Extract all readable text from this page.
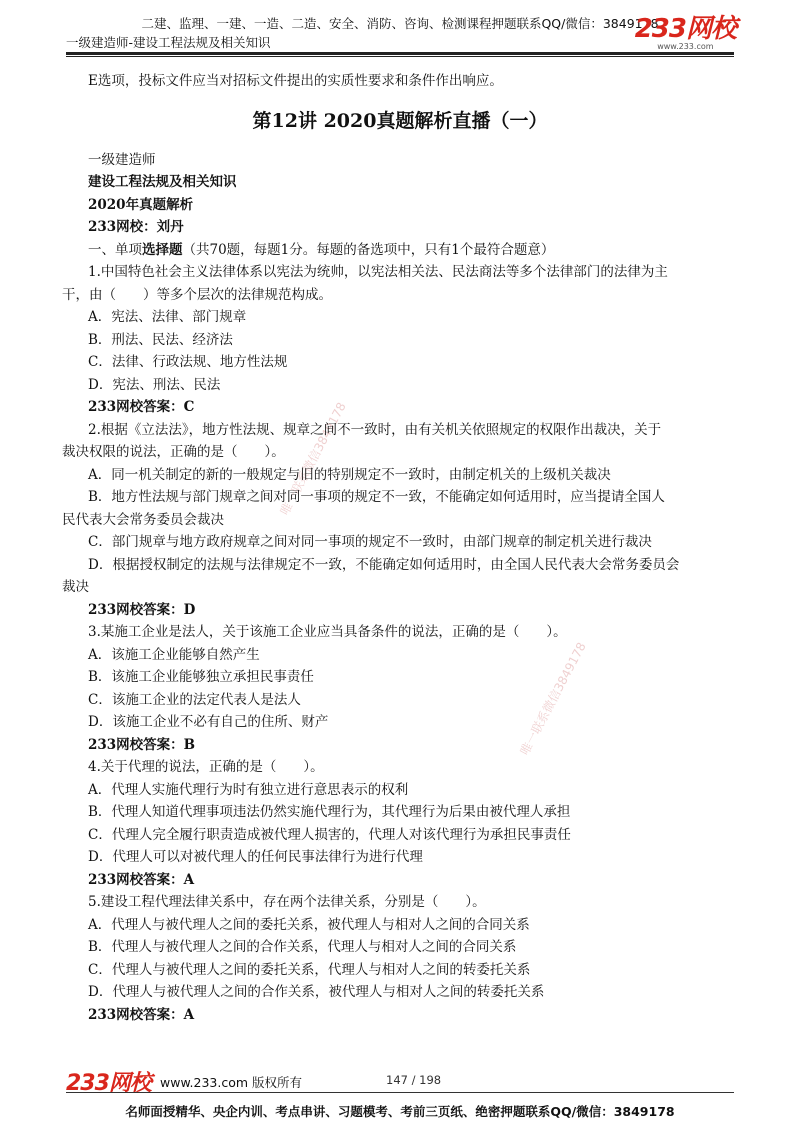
二建、监理、一建、一造、二造、安全、消防、咨询、检测课程押题联系QQ/微信：3849178
一级建造师-建设工程法规及相关知识	233网校
www.233.com
唯一联系微信3849178
唯一联系微信3849178
E选项，投标文件应当对招标文件提出的实质性要求和条件作出响应。
第12讲 2020真题解析直播（一）
一级建造师
建设工程法规及相关知识
2020年真题解析
233网校：刘丹
一、单项选择题（共70题，每题1分。每题的备选项中，只有1个最符合题意）
1.中国特色社会主义法律体系以宪法为统帅，以宪法相关法、民法商法等多个法律部门的法律为主
干，由（　　）等多个层次的法律规范构成。
A．宪法、法律、部门规章
B．刑法、民法、经济法
C．法律、行政法规、地方性法规
D．宪法、刑法、民法
233网校答案：C
2.根据《立法法》，地方性法规、规章之间不一致时，由有关机关依照规定的权限作出裁决，关于
裁决权限的说法，正确的是（　　）。
A．同一机关制定的新的一般规定与旧的特别规定不一致时，由制定机关的上级机关裁决
B．地方性法规与部门规章之间对同一事项的规定不一致，不能确定如何适用时，应当提请全国人
民代表大会常务委员会裁决
C．部门规章与地方政府规章之间对同一事项的规定不一致时，由部门规章的制定机关进行裁决
D．根据授权制定的法规与法律规定不一致，不能确定如何适用时，由全国人民代表大会常务委员会
裁决
233网校答案：D
3.某施工企业是法人，关于该施工企业应当具备条件的说法，正确的是（　　）。
A．该施工企业能够自然产生
B．该施工企业能够独立承担民事责任
C．该施工企业的法定代表人是法人
D．该施工企业不必有自己的住所、财产
233网校答案：B
4.关于代理的说法，正确的是（　　）。
A．代理人实施代理行为时有独立进行意思表示的权利
B．代理人知道代理事项违法仍然实施代理行为，其代理行为后果由被代理人承担
C．代理人完全履行职责造成被代理人损害的，代理人对该代理行为承担民事责任
D．代理人可以对被代理人的任何民事法律行为进行代理
233网校答案：A
5.建设工程代理法律关系中，存在两个法律关系，分别是（　　）。
A．代理人与被代理人之间的委托关系，被代理人与相对人之间的合同关系
B．代理人与被代理人之间的合作关系，代理人与相对人之间的合同关系
C．代理人与被代理人之间的委托关系，代理人与相对人之间的转委托关系
D．代理人与被代理人之间的合作关系，被代理人与相对人之间的转委托关系
233网校答案：A
233网校 www.233.com 版权所有	147 / 198
名师面授精华、央企内训、考点串讲、习题模考、考前三页纸、绝密押题联系QQ/微信：3849178
